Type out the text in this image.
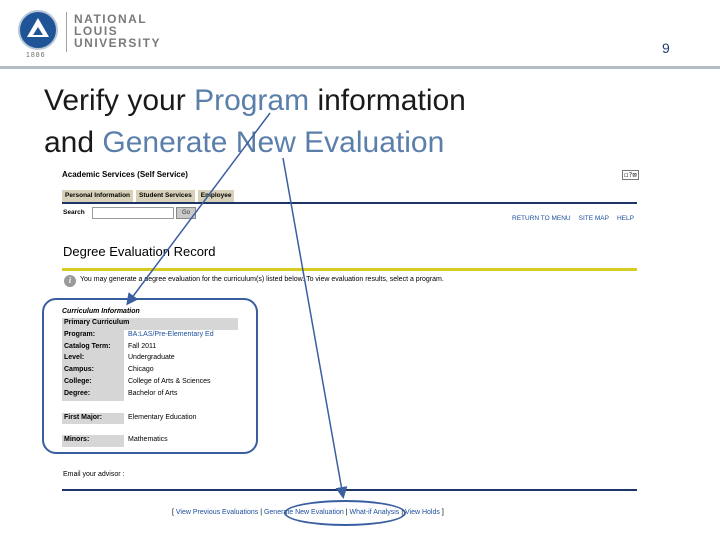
1886
NATIONAL
LOUIS
UNIVERSITY	9
Verify your Program information
and Generate New Evaluation
Academic Services (Self Service)	◻?⊠
Personal Information	Student Services	Employee
Search	Go
RETURN TO MENU SITE MAP HELP
Degree Evaluation Record
i	You may generate a degree evaluation for the curriculum(s) listed below. To view evaluation results, select a program.
Curriculum Information
Primary Curriculum
Program:	BA:LAS/Pre-Elementary Ed
Catalog Term:	Fall 2011
Level:	Undergraduate
Campus:	Chicago
College:	College of Arts & Sciences
Degree:	Bachelor of Arts
First Major:	Elementary Education
Minors:	Mathematics
Email your advisor :
[ View Previous Evaluations | Generate New Evaluation | What-if Analysis | View Holds ]
